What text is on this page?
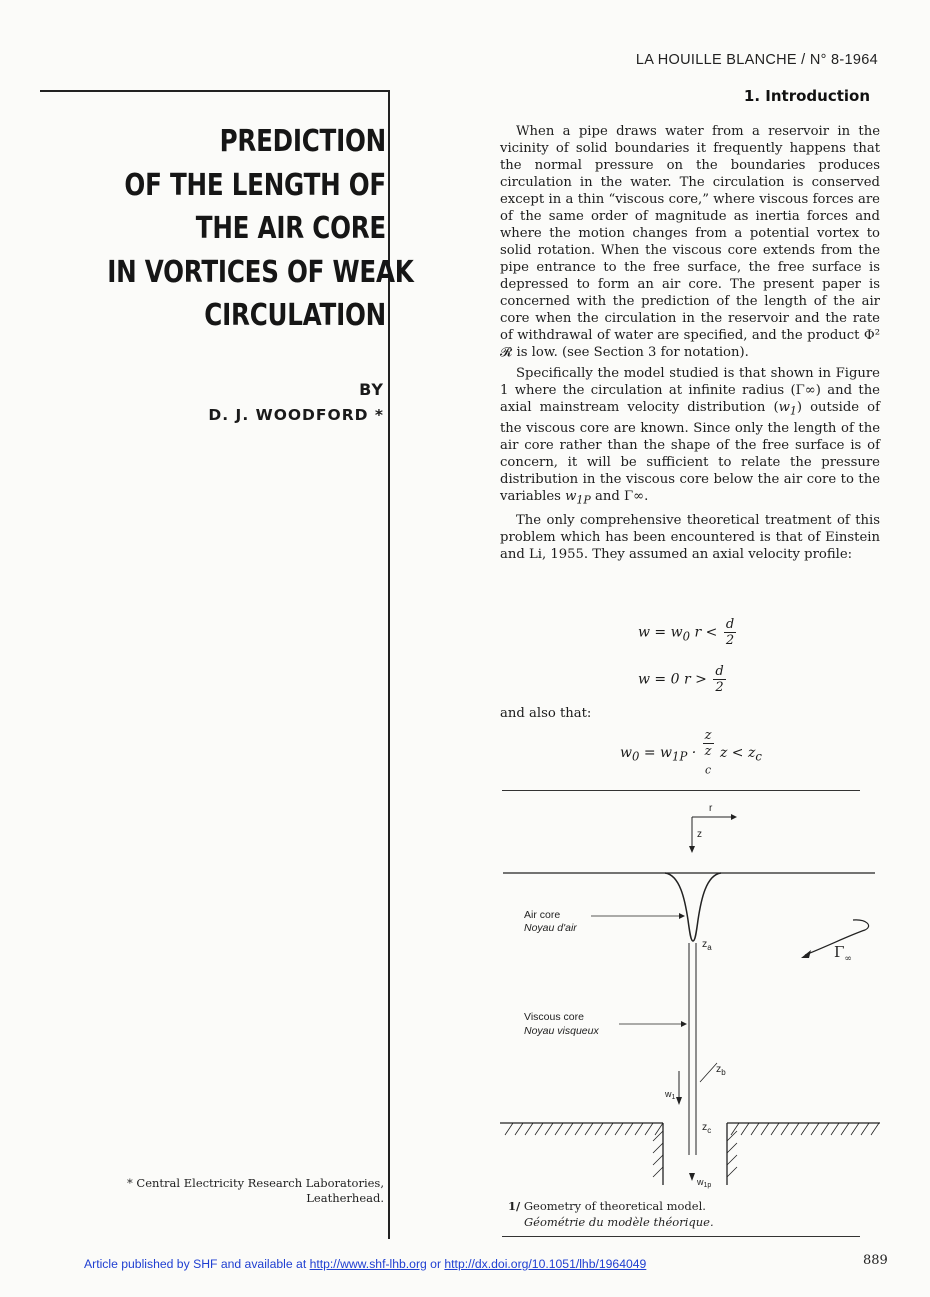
LA HOUILLE BLANCHE / N° 8-1964
1. Introduction
PREDICTION
OF THE LENGTH OF
THE AIR CORE
IN VORTICES OF WEAK
CIRCULATION
BY
D. J. WOODFORD *
* Central Electricity Research Laboratories,
Leatherhead.

When a pipe draws water from a reservoir in the vicinity of solid boundaries it frequently happens that the normal pressure on the boundaries produces circulation in the water. The circulation is conserved except in a thin “viscous core,” where viscous forces are of the same order of magnitude as inertia forces and where the motion changes from a potential vortex to solid rotation. When the viscous core extends from the pipe entrance to the free surface, the free surface is depressed to form an air core. The present paper is concerned with the prediction of the length of the air core when the circulation in the reservoir and the rate of withdrawal of water are specified, and the product Φ² 𝓡 is low. (see Section 3 for notation).

Specifically the model studied is that shown in Figure 1 where the circulation at infinite radius (Γ∞) and the axial mainstream velocity distribution $(w_1)$ outside of the viscous core are known. Since only the length of the air core rather than the shape of the free surface is of concern, it will be sufficient to relate the pressure distribution in the viscous core below the air core to the variables $w_{1P}$ and Γ∞.

The only comprehensive theoretical treatment of this problem which has been encountered is that of Einstein and Li, 1955. They assumed an axial velocity profile:

$w = w_0$ $r < \frac{d}{2}$
w = 0 $r > \frac{d}{2}$
and also that:
$w_0 = w_{1P} \cdot z$
z
$_c$ $z < z_c$
r
z
Air core
Noyau d'air
$z_a$	$\Gamma_\infty$
Viscous core
Noyau visqueux
$z_b$
$w_1$
$z_c$
$w_{1p}$
1/ Geometry of theoretical model.
Géométrie du modèle théorique.
Article published by SHF and available at http://www.shf-lhb.org or http://dx.doi.org/10.1051/lhb/1964049	889
